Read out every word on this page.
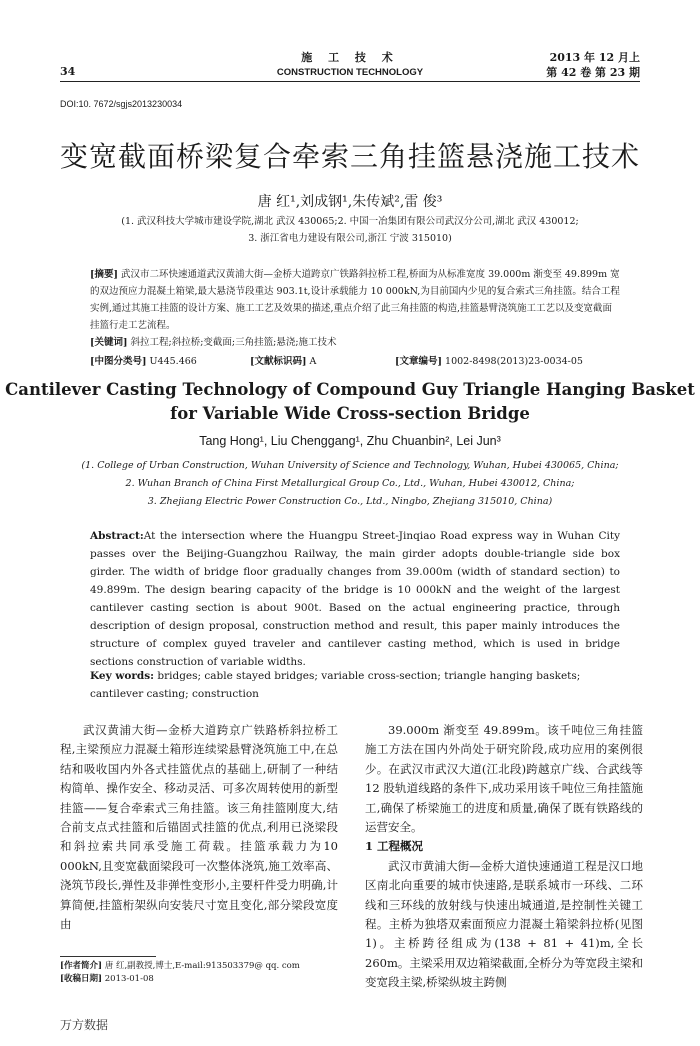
34
施 工 技 术
CONSTRUCTION TECHNOLOGY
2013 年 12 月上
第 42 卷 第 23 期
DOI:10. 7672/sgjs2013230034
变宽截面桥梁复合牵索三角挂篮悬浇施工技术
唐 红¹,刘成钢¹,朱传斌²,雷 俊³
(1. 武汉科技大学城市建设学院,湖北 武汉 430065;2. 中国一冶集团有限公司武汉分公司,湖北 武汉 430012;
3. 浙江省电力建设有限公司,浙江 宁波 315010)
[摘要] 武汉市二环快速通道武汉黄浦大街—金桥大道跨京广铁路斜拉桥工程,桥面为从标准宽度 39.000m 渐变至 49.899m 宽的双边预应力混凝土箱梁,最大悬浇节段重达 903.1t,设计承载能力 10 000kN,为目前国内少见的复合索式三角挂篮。结合工程实例,通过其施工挂篮的设计方案、施工工艺及效果的描述,重点介绍了此三角挂篮的构造,挂篮悬臂浇筑施工工艺以及变宽截面挂篮行走工艺流程。
[关键词] 斜拉工程;斜拉桥;变截面;三角挂篮;悬浇;施工技术
[中图分类号] U445.466	[文献标识码] A	[文章编号] 1002-8498(2013)23-0034-05
Cantilever Casting Technology of Compound Guy Triangle Hanging Basket for Variable Wide Cross-section Bridge
Tang Hong¹, Liu Chenggang¹, Zhu Chuanbin², Lei Jun³
(1. College of Urban Construction, Wuhan University of Science and Technology, Wuhan, Hubei 430065, China;
2. Wuhan Branch of China First Metallurgical Group Co., Ltd., Wuhan, Hubei 430012, China;
3. Zhejiang Electric Power Construction Co., Ltd., Ningbo, Zhejiang 315010, China)
Abstract:At the intersection where the Huangpu Street-Jinqiao Road express way in Wuhan City passes over the Beijing-Guangzhou Railway, the main girder adopts double-triangle side box girder. The width of bridge floor gradually changes from 39.000m (width of standard section) to 49.899m. The design bearing capacity of the bridge is 10 000kN and the weight of the largest cantilever casting section is about 900t. Based on the actual engineering practice, through description of design proposal, construction method and result, this paper mainly introduces the structure of complex guyed traveler and cantilever casting method, which is used in bridge sections construction of variable widths.
Key words: bridges; cable stayed bridges; variable cross-section; triangle hanging baskets; cantilever casting; construction

武汉黄浦大街—金桥大道跨京广铁路桥斜拉桥工程,主梁预应力混凝土箱形连续梁悬臂浇筑施工中,在总结和吸收国内外各式挂篮优点的基础上,研制了一种结构简单、操作安全、移动灵活、可多次周转使用的新型挂篮——复合牵索式三角挂篮。该三角挂篮刚度大,结合前支点式挂篮和后锚固式挂篮的优点,利用已浇梁段和斜拉索共同承受施工荷载。挂篮承载力为10 000kN,且变宽截面梁段可一次整体浇筑,施工效率高、浇筑节段长,弹性及非弹性变形小,主要杆件受力明确,计算简便,挂篮桁架纵向安装尺寸宽且变化,部分梁段宽度由

39.000m 渐变至 49.899m。该千吨位三角挂篮施工方法在国内外尚处于研究阶段,成功应用的案例很少。在武汉市武汉大道(江北段)跨越京广线、合武线等 12 股轨道线路的条件下,成功采用该千吨位三角挂篮施工,确保了桥梁施工的进度和质量,确保了既有铁路线的运营安全。

1 工程概况

武汉市黄浦大街—金桥大道快速通道工程是汉口地区南北向重要的城市快速路,是联系城市一环线、二环线和三环线的放射线与快速出城通道,是控制性关键工程。主桥为独塔双索面预应力混凝土箱梁斜拉桥(见图 1)。主桥跨径组成为(138 + 81 + 41)m,全长 260m。主梁采用双边箱梁截面,全桥分为等宽段主梁和变宽段主梁,桥梁纵坡主跨侧

[作者简介] 唐 红,副教授,博士,E-mail:913503379@ qq. com
[收稿日期] 2013-01-08
万方数据
